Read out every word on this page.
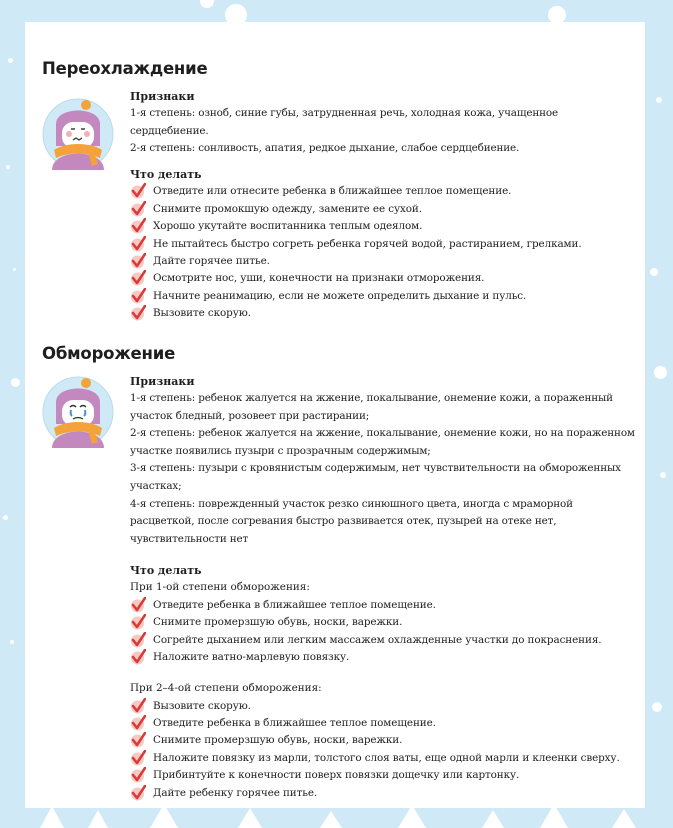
Переохлаждение
Признаки
1-я степень: озноб, синие губы, затрудненная речь, холодная кожа, учащенное сердцебиение.
2-я степень: сонливость, апатия, редкое дыхание, слабое сердцебиение.
Что делать
Отведите или отнесите ребенка в ближайшее теплое помещение.
Снимите промокшую одежду, замените ее сухой.
Хорошо укутайте воспитанника теплым одеялом.
Не пытайтесь быстро согреть ребенка горячей водой, растиранием, грелками.
Дайте горячее питье.
Осмотрите нос, уши, конечности на признаки отморожения.
Начните реанимацию, если не можете определить дыхание и пульс.
Вызовите скорую.
Обморожение
Признаки
1-я степень: ребенок жалуется на жжение, покалывание, онемение кожи, а пораженный участок бледный, розовеет при растирании;
2-я степень: ребенок жалуется на жжение, покалывание, онемение кожи, но на пораженном участке появились пузыри с прозрачным содержимым;
3-я степень: пузыри с кровянистым содержимым, нет чувствительности на обмороженных участках;
4-я степень: поврежденный участок резко синюшного цвета, иногда с мраморной расцветкой, после согревания быстро развивается отек, пузырей на отеке нет, чувствительности нет
Что делать
При 1-ой степени обморожения:
Отведите ребенка в ближайшее теплое помещение.
Снимите промерзшую обувь, носки, варежки.
Согрейте дыханием или легким массажем охлажденные участки до покраснения.
Наложите ватно-марлевую повязку.
При 2–4-ой степени обморожения:
Вызовите скорую.
Отведите ребенка в ближайшее теплое помещение.
Снимите промерзшую обувь, носки, варежки.
Наложите повязку из марли, толстого слоя ваты, еще одной марли и клеенки сверху.
Прибинтуйте к конечности поверх повязки дощечку или картонку.
Дайте ребенку горячее питье.
